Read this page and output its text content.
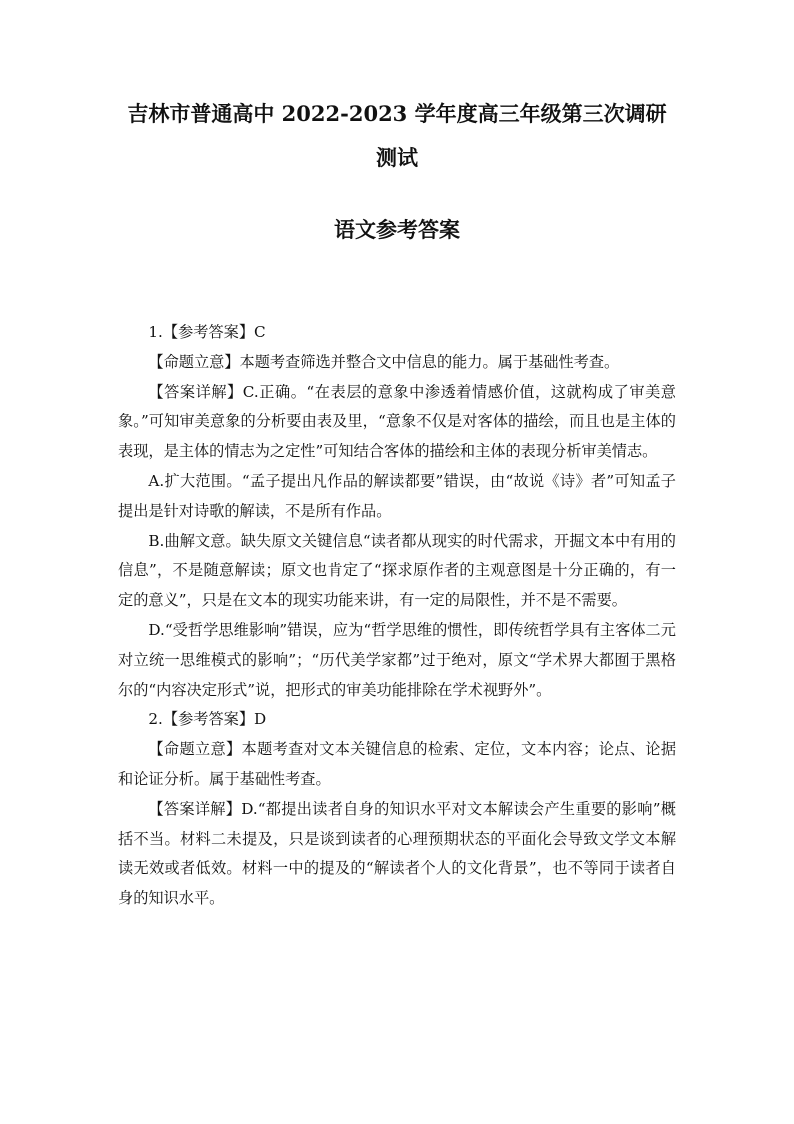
吉林市普通高中 2022-2023 学年度高三年级第三次调研
测试
语文参考答案

1.【参考答案】C

【命题立意】本题考查筛选并整合文中信息的能力。属于基础性考查。

【答案详解】C.正确。“在表层的意象中渗透着情感价值，这就构成了审美意象。”可知审美意象的分析要由表及里，“意象不仅是对客体的描绘，而且也是主体的表现，是主体的情志为之定性”可知结合客体的描绘和主体的表现分析审美情志。

A.扩大范围。“孟子提出凡作品的解读都要”错误，由“故说《诗》者”可知孟子提出是针对诗歌的解读，不是所有作品。

B.曲解文意。缺失原文关键信息“读者都从现实的时代需求，开掘文本中有用的信息”，不是随意解读；原文也肯定了“探求原作者的主观意图是十分正确的，有一定的意义”，只是在文本的现实功能来讲，有一定的局限性，并不是不需要。

D.“受哲学思维影响”错误，应为“哲学思维的惯性，即传统哲学具有主客体二元对立统一思维模式的影响”；“历代美学家都”过于绝对，原文“学术界大都囿于黑格尔的“内容决定形式”说，把形式的审美功能排除在学术视野外”。

2.【参考答案】D

【命题立意】本题考查对文本关键信息的检索、定位，文本内容；论点、论据和论证分析。属于基础性考查。

【答案详解】D.“都提出读者自身的知识水平对文本解读会产生重要的影响”概括不当。材料二未提及，只是谈到读者的心理预期状态的平面化会导致文学文本解读无效或者低效。材料一中的提及的“解读者个人的文化背景”，也不等同于读者自身的知识水平。
